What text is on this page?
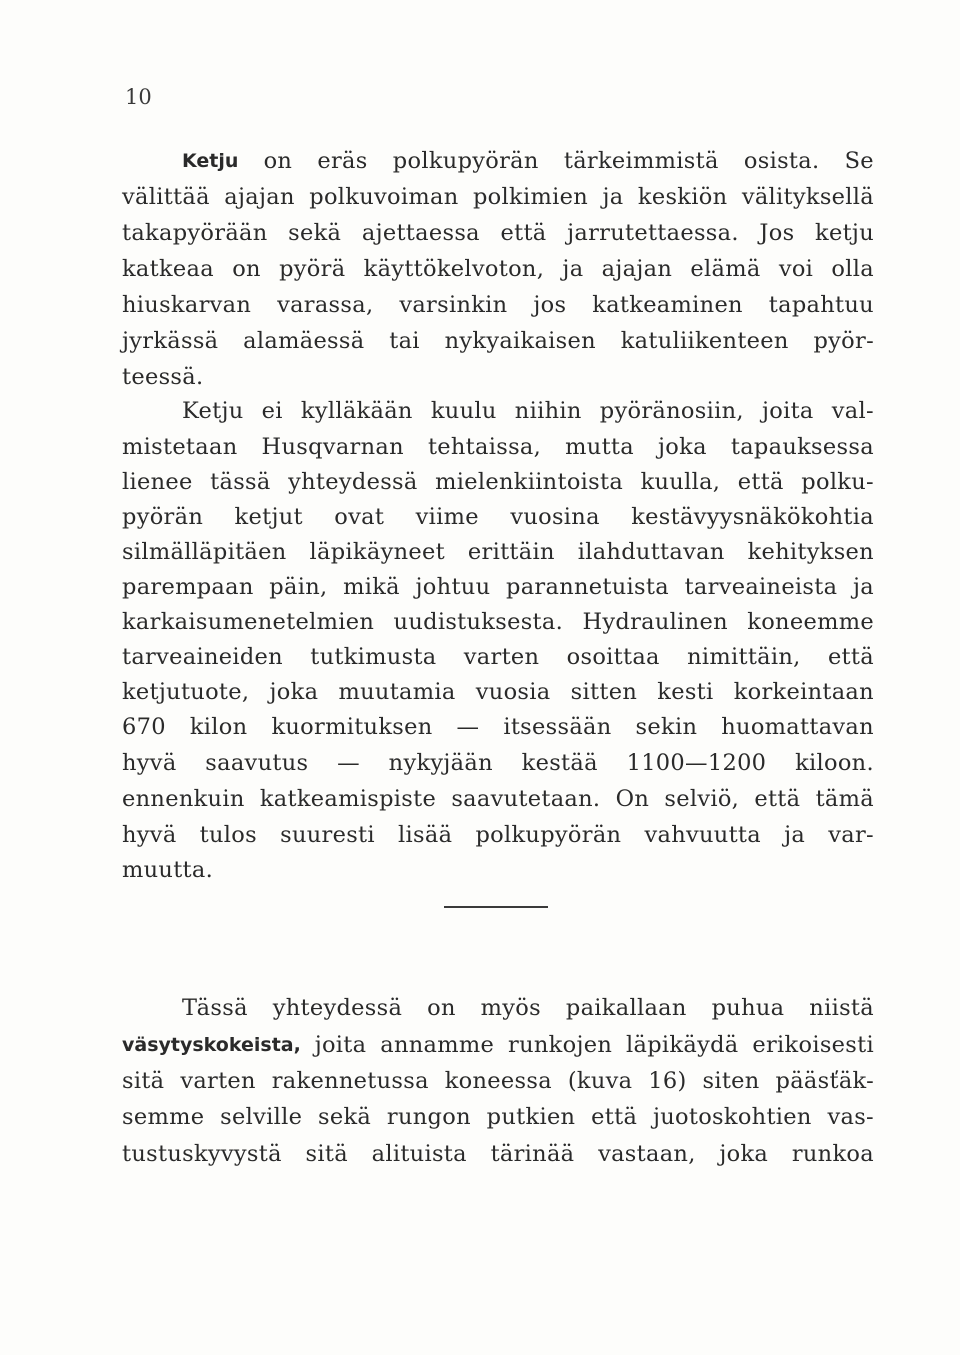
10
Ketju on eräs polkupyörän tärkeimmistä osista. Se
välittää ajajan polkuvoiman polkimien ja keskiön välityksellä
takapyörään sekä ajettaessa että jarrutettaessa. Jos ketju
katkeaa on pyörä käyttökelvoton, ja ajajan elämä voi olla
hiuskarvan varassa, varsinkin jos katkeaminen tapahtuu
jyrkässä alamäessä tai nykyaikaisen katuliikenteen pyör-
teessä.
Ketju ei kylläkään kuulu niihin pyöränosiin, joita val-
mistetaan Husqvarnan tehtaissa, mutta joka tapauksessa
lienee tässä yhteydessä mielenkiintoista kuulla, että polku-
pyörän ketjut ovat viime vuosina kestävyysnäkökohtia
silmälläpitäen läpikäyneet erittäin ilahduttavan kehityksen
parempaan päin, mikä johtuu parannetuista tarveaineista ja
karkaisumenetelmien uudistuksesta. Hydraulinen koneemme
tarveaineiden tutkimusta varten osoittaa nimittäin, että
ketjutuote, joka muutamia vuosia sitten kesti korkeintaan
670 kilon kuormituksen — itsessään sekin huomattavan
hyvä saavutus — nykyjään kestää 1100—1200 kiloon.
ennenkuin katkeamispiste saavutetaan. On selviö, että tämä
hyvä tulos suuresti lisää polkupyörän vahvuutta ja var-
muutta.
Tässä yhteydessä on myös paikallaan puhua niistä
väsytyskokeista, joita annamme runkojen läpikäydä erikoisesti
sitä varten rakennetussa koneessa (kuva 16) siten pääsťäk-
semme selville sekä rungon putkien että juotoskohtien vas-
tustuskyvystä sitä alituista tärinää vastaan, joka runkoa
